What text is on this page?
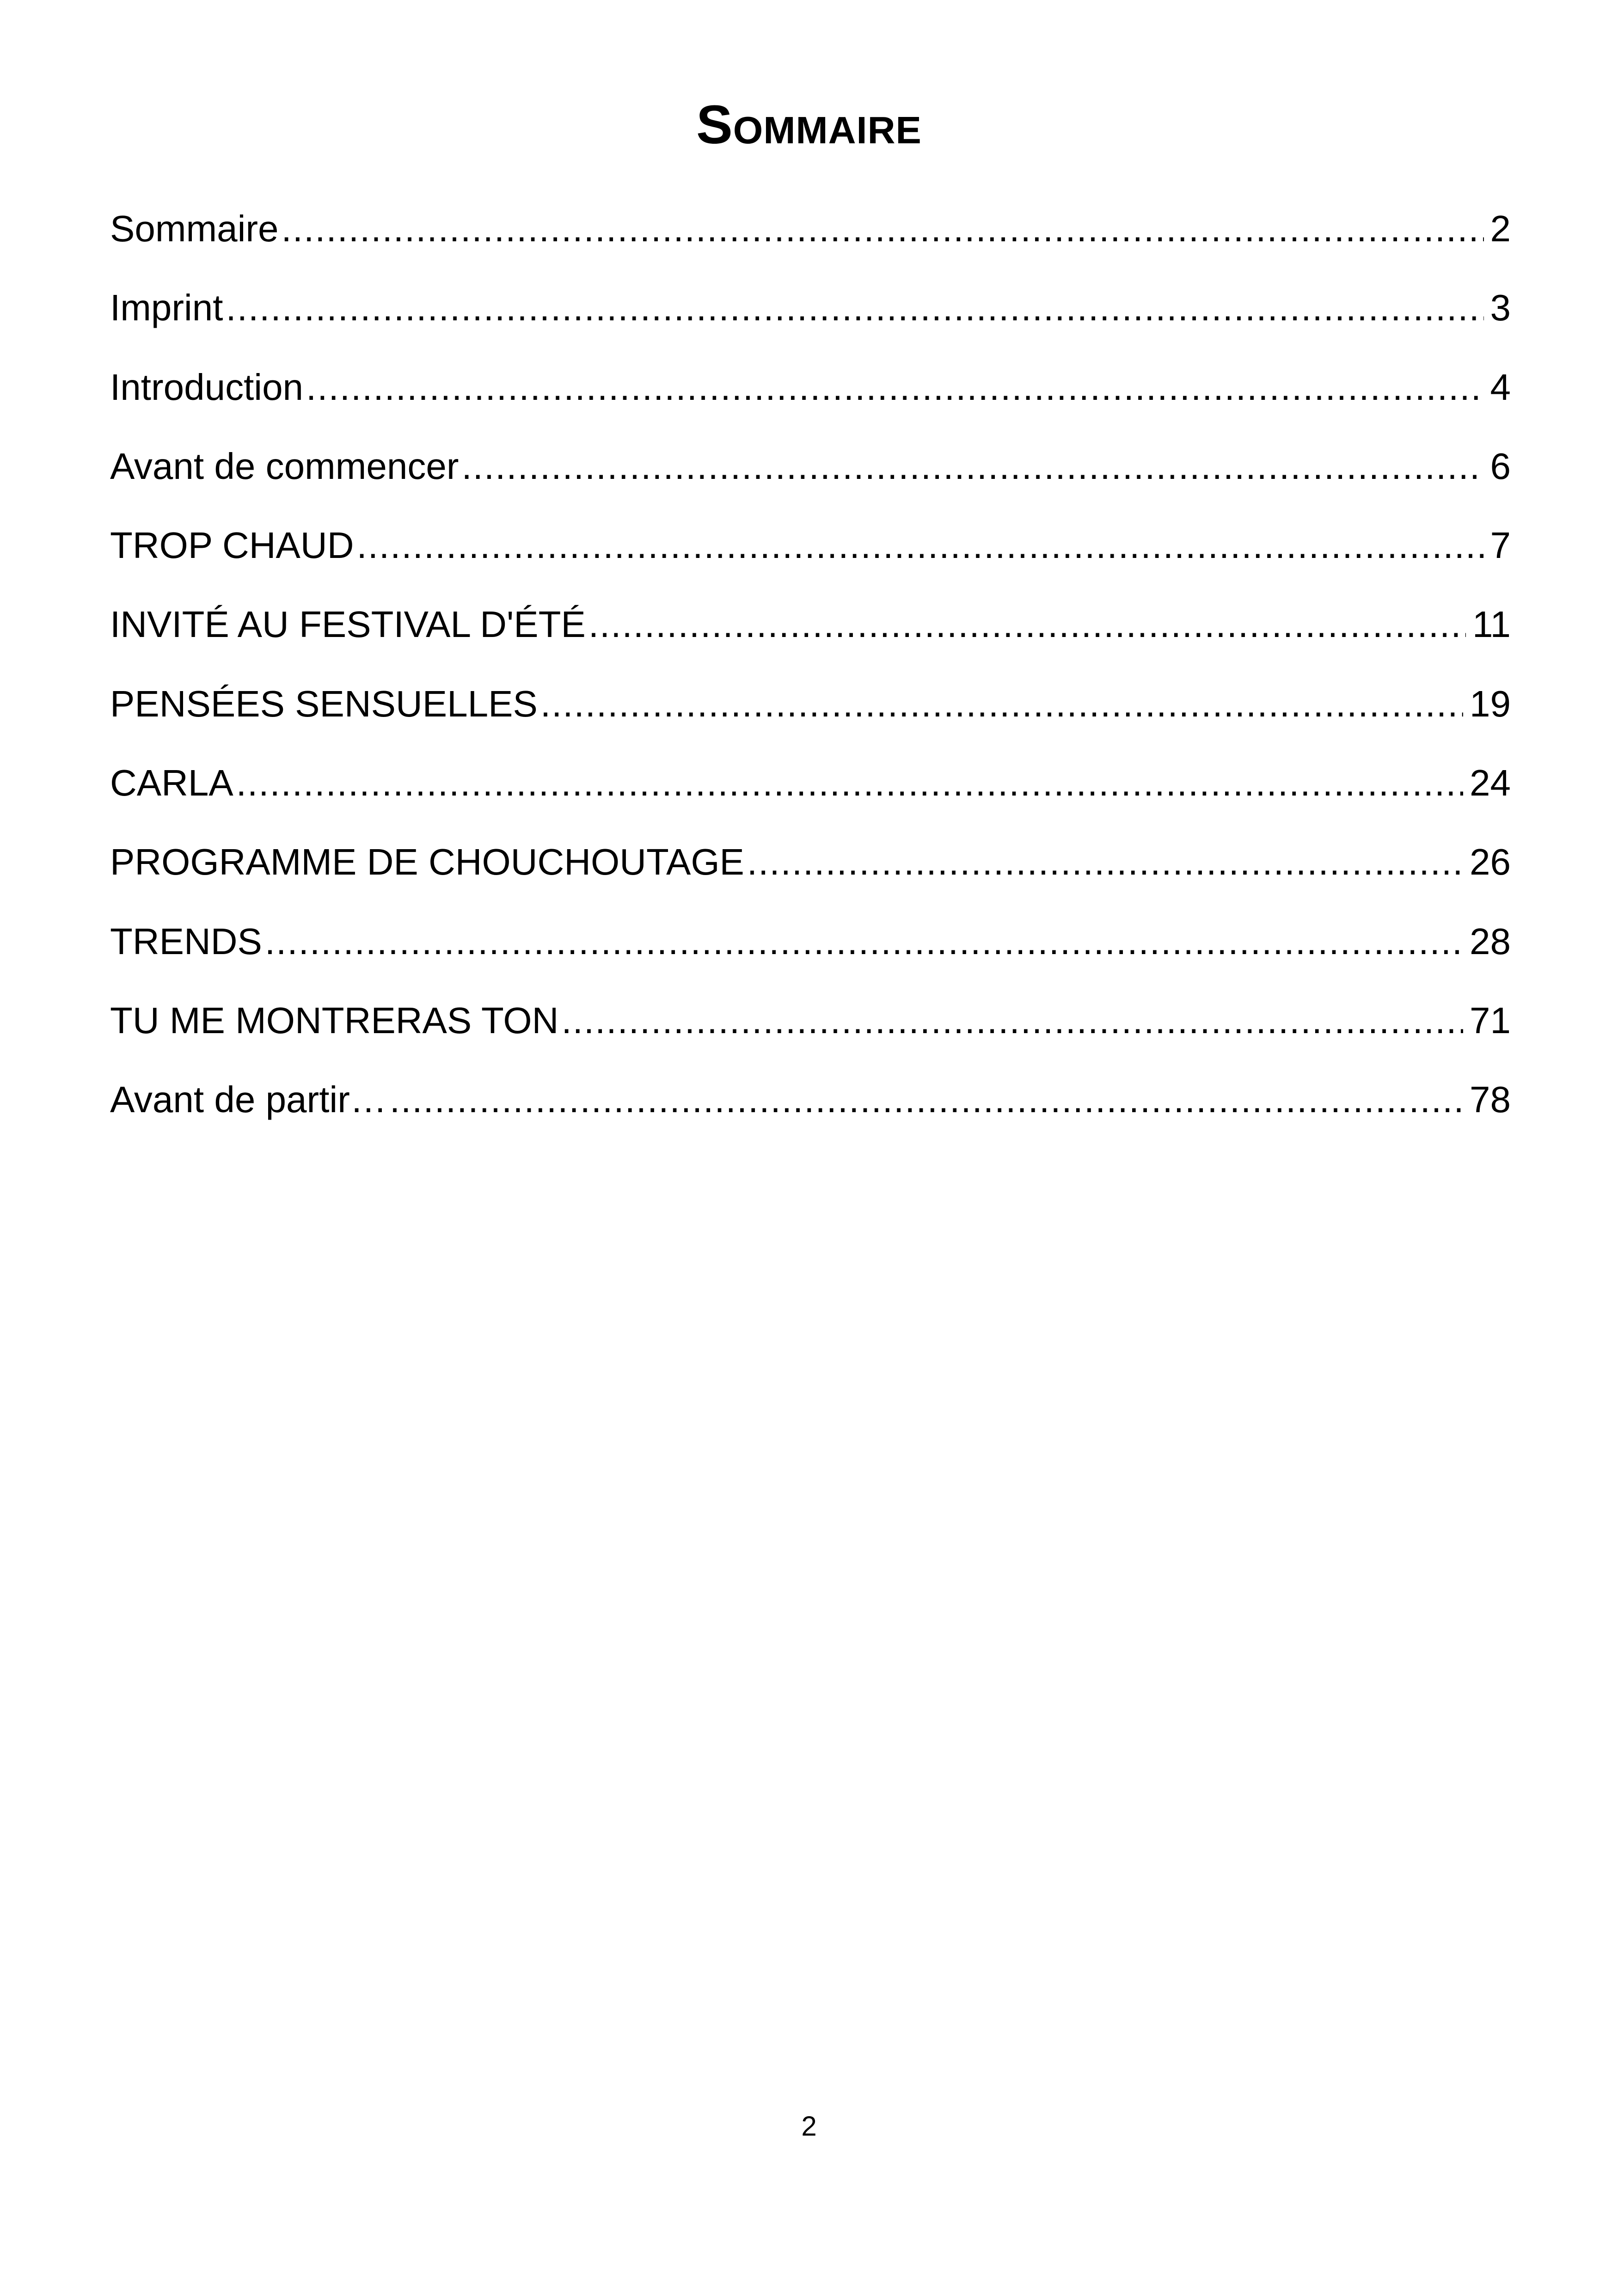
Sommaire
Sommaire .....	2
Imprint .....	3
Introduction .....	4
Avant de commencer .....	6
TROP CHAUD .....	7
INVITÉ AU FESTIVAL D'ÉTÉ .....	11
PENSÉES SENSUELLES .....	19
CARLA .....	24
PROGRAMME DE CHOUCHOUTAGE .....	26
TRENDS .....	28
TU ME MONTRERAS TON .....	71
Avant de partir… .....	78
2
